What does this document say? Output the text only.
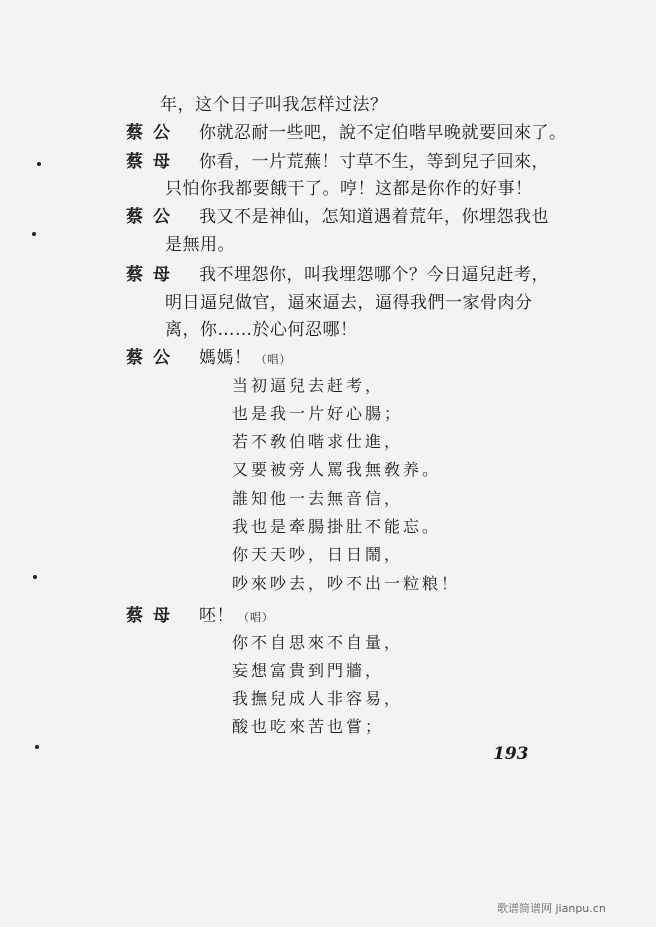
年，这个日子叫我怎样过法？
蔡公 你就忍耐一些吧，說不定伯喈早晚就要回來了。
蔡母 你看，一片荒蕪！寸草不生，等到兒子回來，
只怕你我都要餓干了。哼！这都是你作的好事！
蔡公 我又不是神仙，怎知道遇着荒年，你埋怨我也
是無用。
蔡母 我不埋怨你，叫我埋怨哪个？今日逼兒赶考，
明日逼兒做官，逼來逼去，逼得我們一家骨肉分
离，你……於心何忍哪！
蔡公 媽媽！ （唱）
当初逼兒去赶考，
也是我一片好心腸；
若不敎伯喈求仕進，
又要被旁人罵我無敎养。
誰知他一去無音信，
我也是牽腸掛肚不能忘。
你天天吵，日日鬧，
吵來吵去，吵不出一粒粮！
蔡母 呸！ （唱）
你不自思來不自量，
妄想富貴到門牆，
我撫兒成人非容易，
酸也吃來苦也嘗；
193
歌谱简谱网 jianpu.cn
